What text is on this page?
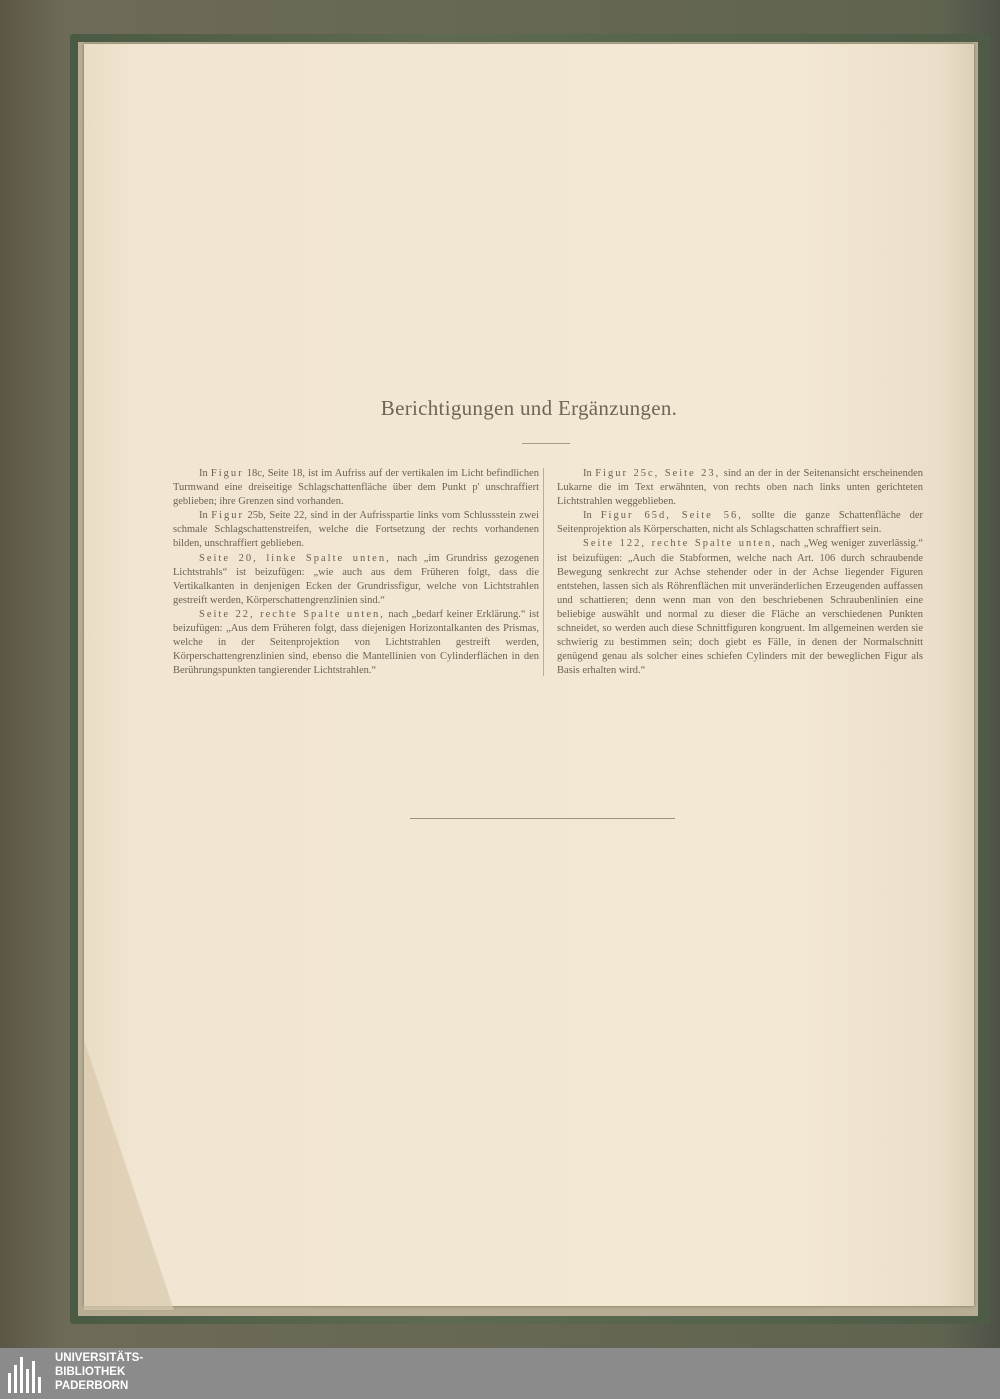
Berichtigungen und Ergänzungen.

In Figur 18c, Seite 18, ist im Aufriss auf der vertikalen im Licht befindlichen Turmwand eine dreiseitige Schlagschattenfläche über dem Punkt p' unschraffiert geblieben; ihre Grenzen sind vorhanden.

In Figur 25b, Seite 22, sind in der Aufrisspartie links vom Schlussstein zwei schmale Schlagschattenstreifen, welche die Fortsetzung der rechts vorhandenen bilden, unschraffiert geblieben.

Seite 20, linke Spalte unten, nach „im Grundriss gezogenen Lichtstrahls“ ist beizufügen: „wie auch aus dem Früheren folgt, dass die Vertikalkanten in denjenigen Ecken der Grundrissfigur, welche von Lichtstrahlen gestreift werden, Körperschattengrenzlinien sind.“

Seite 22, rechte Spalte unten, nach „bedarf keiner Erklärung.“ ist beizufügen: „Aus dem Früheren folgt, dass diejenigen Horizontalkanten des Prismas, welche in der Seitenprojektion von Lichtstrahlen gestreift werden, Körperschattengrenzlinien sind, ebenso die Mantellinien von Cylinderflächen in den Berührungspunkten tangierender Lichtstrahlen.“

In Figur 25c, Seite 23, sind an der in der Seitenansicht erscheinenden Lukarne die im Text erwähnten, von rechts oben nach links unten gerichteten Lichtstrahlen weggeblieben.

In Figur 65d, Seite 56, sollte die ganze Schattenfläche der Seitenprojektion als Körperschatten, nicht als Schlagschatten schraffiert sein.

Seite 122, rechte Spalte unten, nach „Weg weniger zuverlässig.“ ist beizufügen: „Auch die Stabformen, welche nach Art. 106 durch schraubende Bewegung senkrecht zur Achse stehender oder in der Achse liegender Figuren entstehen, lassen sich als Röhrenflächen mit unveränderlichen Erzeugenden auffassen und schattieren; denn wenn man von den beschriebenen Schraubenlinien eine beliebige auswählt und normal zu dieser die Fläche an verschiedenen Punkten schneidet, so werden auch diese Schnittfiguren kongruent. Im allgemeinen werden sie schwierig zu bestimmen sein; doch giebt es Fälle, in denen der Normalschnitt genügend genau als solcher eines schiefen Cylinders mit der beweglichen Figur als Basis erhalten wird.“

UNIVERSITÄTS-
BIBLIOTHEK
PADERBORN
